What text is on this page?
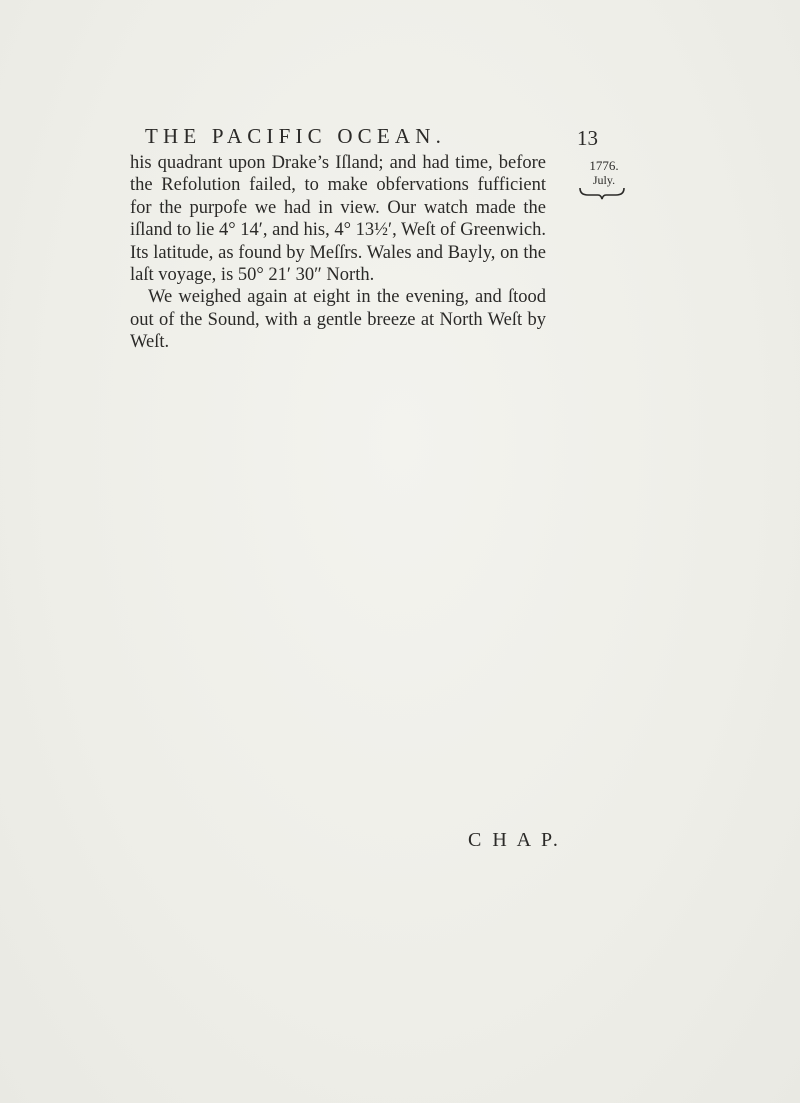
THE PACIFIC OCEAN.	13
1776.
July.

his quadrant upon Drake’s Iſland; and had time, before the Refolution failed, to make obfervations fufficient for the purpofe we had in view. Our watch made the iſland to lie 4° 14′, and his, 4° 13½′, Weſt of Greenwich. Its latitude, as found by Meſſrs. Wales and Bayly, on the laſt voyage, is 50° 21′ 30″ North.

We weighed again at eight in the evening, and ſtood out of the Sound, with a gentle breeze at North Weſt by Weſt.

C H A P.
